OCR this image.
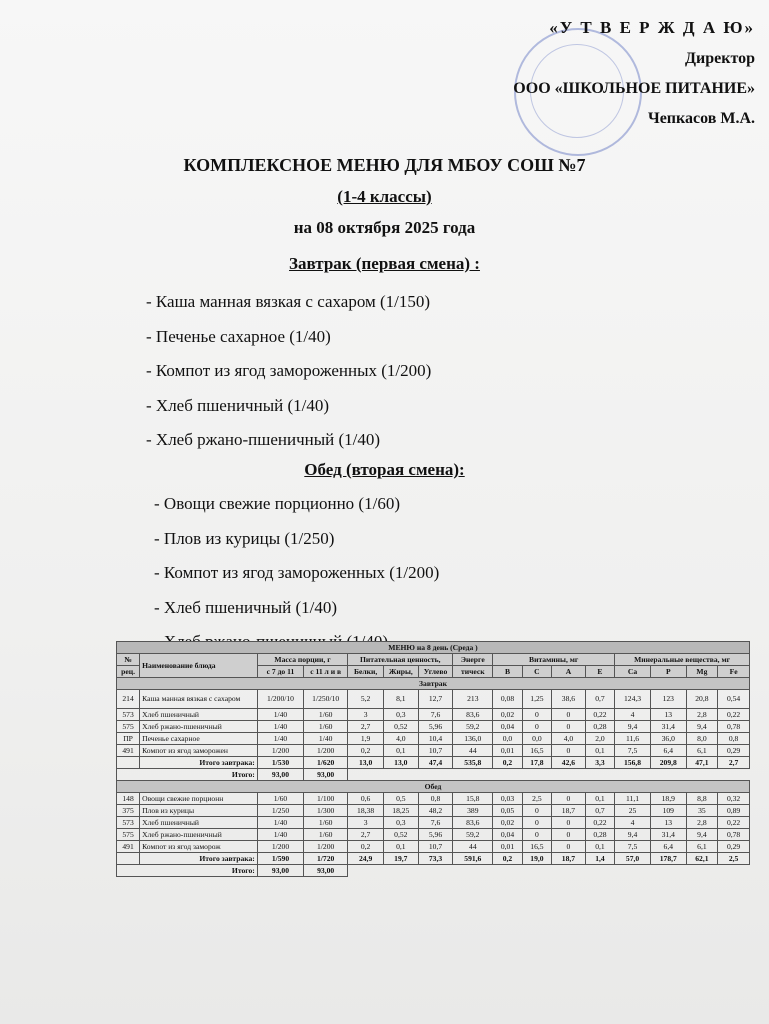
«У Т В Е Р Ж Д А Ю»
Директор
ООО «ШКОЛЬНОЕ ПИТАНИЕ»
Чепкасов М.А.
КОМПЛЕКСНОЕ МЕНЮ ДЛЯ МБОУ СОШ №7
(1-4 классы)
на 08 октября 2025 года
Завтрак (первая смена) :
- Каша манная вязкая с сахаром (1/150)
- Печенье сахарное (1/40)
- Компот из ягод замороженных (1/200)
- Хлеб пшеничный (1/40)
- Хлеб ржано-пшеничный (1/40)
Обед (вторая смена):
- Овощи свежие порционно (1/60)
- Плов из курицы (1/250)
- Компот из ягод замороженных (1/200)
- Хлеб пшеничный (1/40)
МЕНЮ на 8 день (Среда )															
№	Наименование блюда	Масса порции, г		Питательная ценность,			Энерге	Витамины, мг				Минеральные вещества, мг			
рец.		с 7 до 11	с 11 л и в	Белки,	Жиры,	Углево	тическ	B	C	A	E	Ca	P	Mg	Fe
Завтрак															
214	Каша манная вязкая с сахаром	1/200/10	1/250/10	5,2	8,1	12,7	213	0,08	1,25	38,6	0,7	124,3	123	20,8	0,54
573	Хлеб пшеничный	1/40	1/60	3	0,3	7,6	83,6	0,02	0	0	0,22	4	13	2,8	0,22
575	Хлеб ржано-пшеничный	1/40	1/60	2,7	0,52	5,96	59,2	0,04	0	0	0,28	9,4	31,4	9,4	0,78
ПР	Печенье сахарное	1/40	1/40	1,9	4,0	10,4	136,0	0,0	0,0	4,0	2,0	11,6	36,0	8,0	0,8
491	Компот из ягод заморожен	1/200	1/200	0,2	0,1	10,7	44	0,01	16,5	0	0,1	7,5	6,4	6,1	0,29
	Итого завтрака:	1/530	1/620	13,0	13,0	47,4	535,8	0,2	17,8	42,6	3,3	156,8	209,8	47,1	2,7
Итого:		93,00	93,00												
Обед															
148	Овощи свежие порционн	1/60	1/100	0,6	0,5	0,8	15,8	0,03	2,5	0	0,1	11,1	18,9	8,8	0,32
375	Плов из курицы	1/250	1/300	18,38	18,25	48,2	389	0,05	0	18,7	0,7	25	109	35	0,89
573	Хлеб пшеничный	1/40	1/60	3	0,3	7,6	83,6	0,02	0	0	0,22	4	13	2,8	0,22
575	Хлеб ржано-пшеничный	1/40	1/60	2,7	0,52	5,96	59,2	0,04	0	0	0,28	9,4	31,4	9,4	0,78
491	Компот из ягод заморож	1/200	1/200	0,2	0,1	10,7	44	0,01	16,5	0	0,1	7,5	6,4	6,1	0,29
	Итого завтрака:	1/590	1/720	24,9	19,7	73,3	591,6	0,2	19,0	18,7	1,4	57,0	178,7	62,1	2,5
Итого:		93,00	93,00												
